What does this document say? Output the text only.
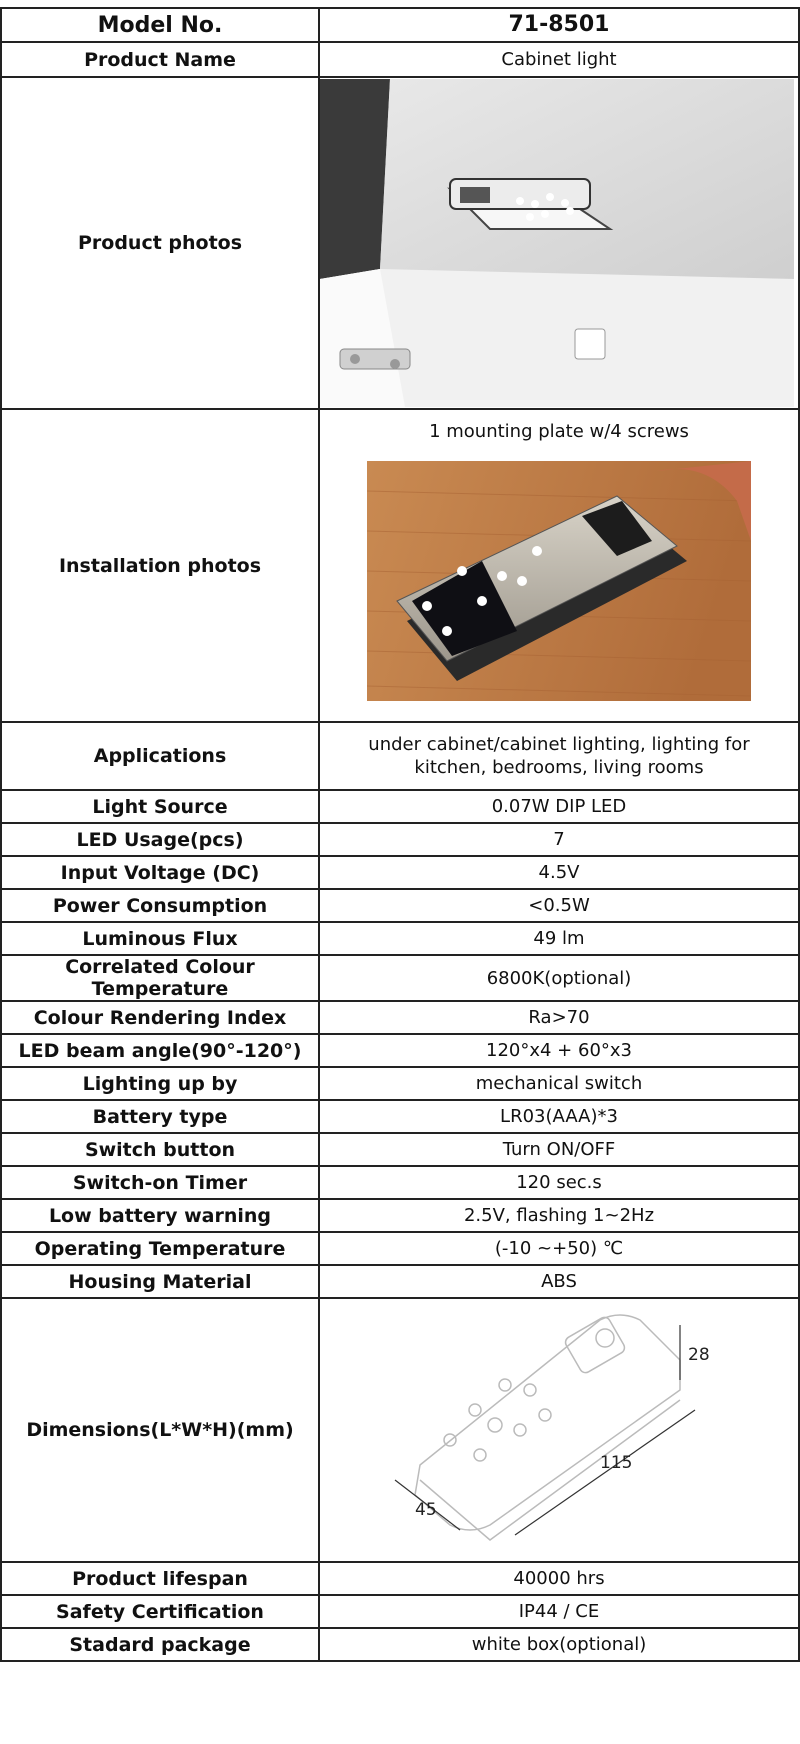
Model No.	71-8501
Product Name	Cabinet light
Product photos	

Installation photos	1 mounting plate w/4 screws

Applications	under cabinet/cabinet lighting, lighting for kitchen, bedrooms, living rooms
Light Source	0.07W DIP LED
LED Usage(pcs)	7
Input Voltage (DC)	4.5V
Power Consumption	<0.5W
Luminous Flux	49 lm
Correlated Colour Temperature	6800K(optional)
Colour Rendering Index	Ra>70
LED beam angle(90°-120°)	120°x4 + 60°x3
Lighting up by	mechanical switch
Battery type	LR03(AAA)*3
Switch button	Turn ON/OFF
Switch-on Timer	120 sec.s
Low battery warning	2.5V, flashing 1~2Hz
Operating Temperature	(-10 ~+50) ℃
Housing Material	ABS
Dimensions(L*W*H)(mm)	28
115
45

Product lifespan	40000 hrs
Safety Certification	IP44 / CE
Stadard package	white box(optional)
